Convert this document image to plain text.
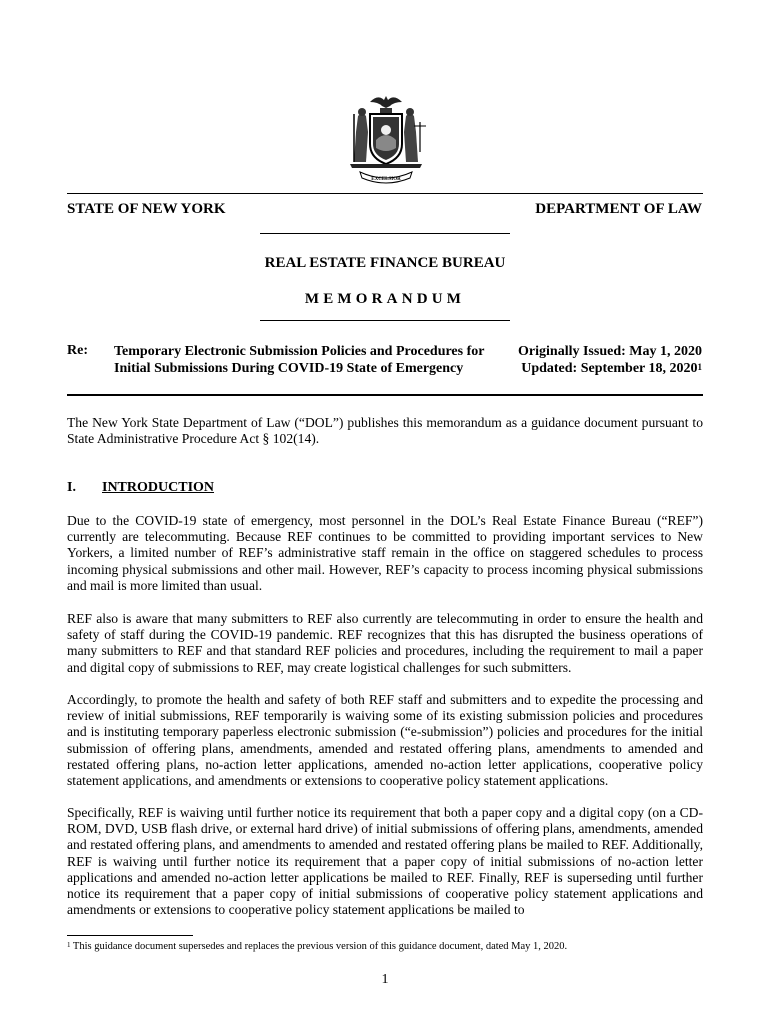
EXCELSIOR
STATE OF NEW YORK	DEPARTMENT OF LAW
REAL ESTATE FINANCE BUREAU
MEMORANDUM
Re: Temporary Electronic Submission Policies and Procedures for
Initial Submissions During COVID-19 State of Emergency
Originally Issued: May 1, 2020
Updated: September 18, 2020$^1$
The New York State Department of Law (“DOL”) publishes this memorandum as a guidance document pursuant to State Administrative Procedure Act § 102(14).
I. INTRODUCTION
Due to the COVID-19 state of emergency, most personnel in the DOL’s Real Estate Finance Bureau (“REF”) currently are telecommuting. Because REF continues to be committed to providing important services to New Yorkers, a limited number of REF’s administrative staff remain in the office on staggered schedules to process incoming physical submissions and other mail. However, REF’s capacity to process incoming physical submissions and mail is more limited than usual.
REF also is aware that many submitters to REF also currently are telecommuting in order to ensure the health and safety of staff during the COVID-19 pandemic. REF recognizes that this has disrupted the business operations of many submitters to REF and that standard REF policies and procedures, including the requirement to mail a paper and digital copy of submissions to REF, may create logistical challenges for such submitters.
Accordingly, to promote the health and safety of both REF staff and submitters and to expedite the processing and review of initial submissions, REF temporarily is waiving some of its existing submission policies and procedures and is instituting temporary paperless electronic submission (“e-submission”) policies and procedures for the initial submission of offering plans, amendments, amended and restated offering plans, amendments to amended and restated offering plans, no-action letter applications, amended no-action letter applications, cooperative policy statement applications, and amendments or extensions to cooperative policy statement applications.
Specifically, REF is waiving until further notice its requirement that both a paper copy and a digital copy (on a CD-ROM, DVD, USB flash drive, or external hard drive) of initial submissions of offering plans, amendments, amended and restated offering plans, and amendments to amended and restated offering plans be mailed to REF. Additionally, REF is waiving until further notice its requirement that a paper copy of initial submissions of no-action letter applications and amended no-action letter applications be mailed to REF. Finally, REF is superseding until further notice its requirement that a paper copy of initial submissions of cooperative policy statement applications and amendments or extensions to cooperative policy statement applications be mailed to
$^1$ This guidance document supersedes and replaces the previous version of this guidance document, dated May 1, 2020.
1
